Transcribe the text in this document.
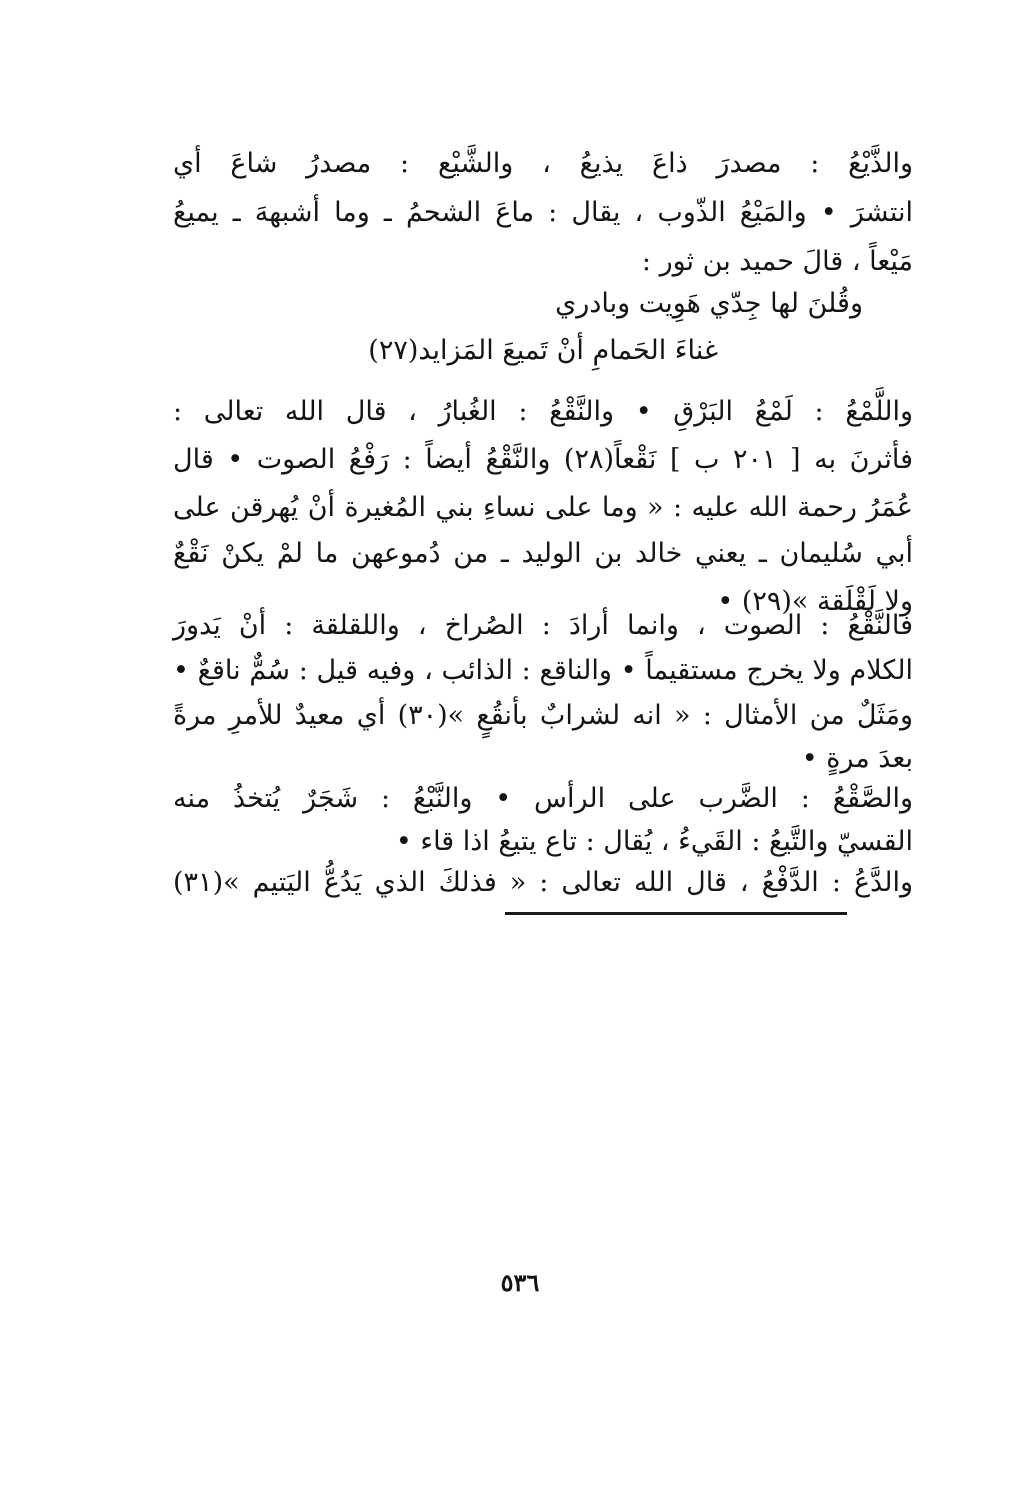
والذَّيْعُ : مصدرَ ذاعَ يذيعُ ، والشَّيْع : مصدرُ شاعَ أي
انتشرَ • والمَيْعُ الذّوب ، يقال : ماعَ الشحمُ ـ وما أشبههَ ـ يميعُ
مَيْعاً ، قالَ حميد بن ثور :
وقُلنَ لها جِدّي هَوِيت وبادري
غناءَ الحَمامِ أنْ تَميعَ المَزايد(٢٧)
واللَّمْعُ : لَمْعُ البَرْقِ • والنَّقْعُ : الغُبارُ ، قال الله تعالى :
فأثرنَ به [ ٢٠١ ب ] نَقْعاً(٢٨) والنَّقْعُ أيضاً : رَفْعُ الصوت • قال
عُمَرُ رحمة الله عليه : « وما على نساءِ بني المُغيرة أنْ يُهرقن على
أبي سُليمان ـ يعني خالد بن الوليد ـ من دُموعهن ما لمْ يكنْ نَقْعٌ
ولا لَقْلَقة »(٢٩) •
فالنَّقْعُ : الصوت ، وانما أرادَ : الصُراخ ، واللقلقة : أنْ يَدورَ
الكلام ولا يخرج مستقيماً • والناقع : الذائب ، وفيه قيل : سُمٌّ ناقعٌ •
ومَثَلٌ من الأمثال : « انه لشرابٌ بأنقُعٍ »(٣٠) أي معيدٌ للأمرِ مرةً
بعدَ مرةٍ •
والصَّقْعُ : الضَّرب على الرأس • والنَّبْعُ : شَجَرٌ يُتخذُ منه
القسيّ والتَّيعُ : القَيءُ ، يُقال : تاع يتيعُ اذا قاء •
والدَّعُ : الدَّفْعُ ، قال الله تعالى : « فذلكَ الذي يَدُعُّ اليَتيم »(٣١)
٥٣٦
